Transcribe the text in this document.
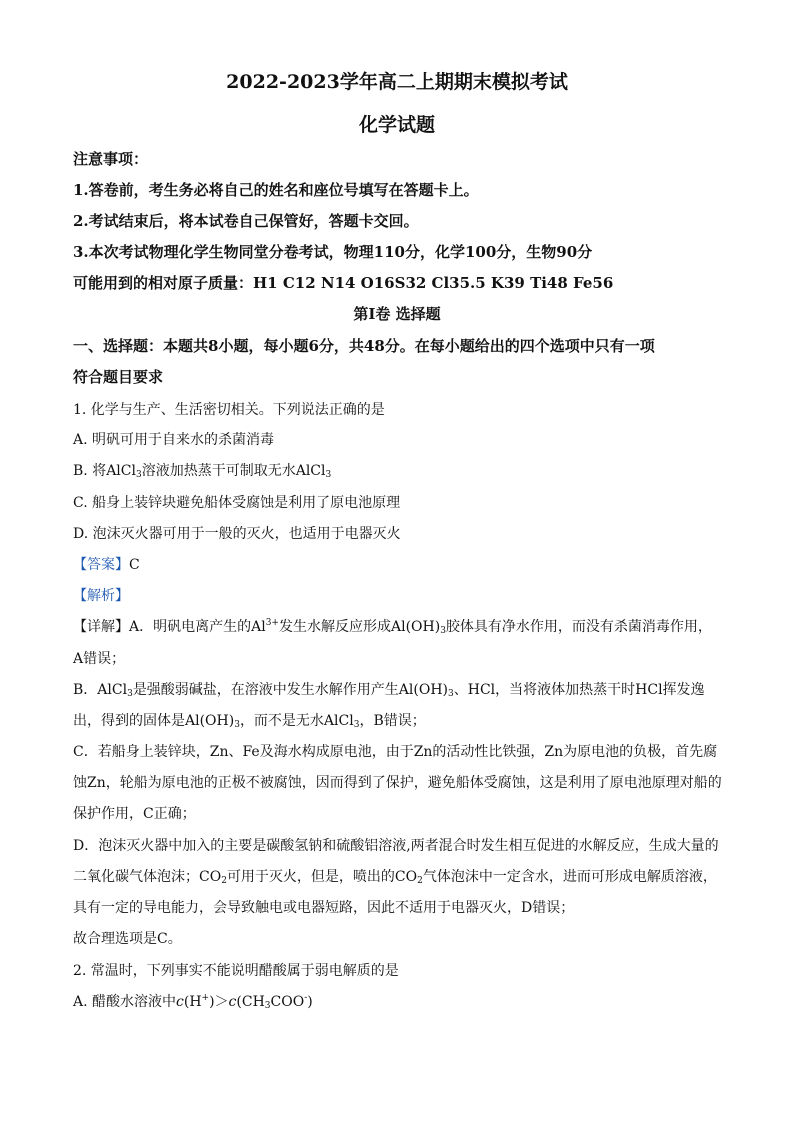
2022-2023学年高二上期期末模拟考试
化学试题
注意事项：
1.答卷前，考生务必将自己的姓名和座位号填写在答题卡上。
2.考试结束后，将本试卷自己保管好，答题卡交回。
3.本次考试物理化学生物同堂分卷考试，物理110分，化学100分，生物90分
可能用到的相对原子质量：H1 C12 N14 O16S32 Cl35.5 K39 Ti48 Fe56
第Ⅰ卷 选择题
一、选择题：本题共8小题，每小题6分，共48分。在每小题给出的四个选项中只有一项
符合题目要求
1. 化学与生产、生活密切相关。下列说法正确的是
A. 明矾可用于自来水的杀菌消毒
B. 将AlCl$_3$溶液加热蒸干可制取无水AlCl$_3$
C. 船身上装锌块避免船体受腐蚀是利用了原电池原理
D. 泡沫灭火器可用于一般的灭火，也适用于电器灭火
【答案】C
【解析】
【详解】A．明矾电离产生的$Al^{3+}$发生水解反应形成$Al(OH)_3$胶体具有净水作用，而没有杀菌消毒作用，
A错误；
B．AlCl$_3$是强酸弱碱盐，在溶液中发生水解作用产生$Al(OH)_3$、HCl，当将液体加热蒸干时HCl挥发逸
出，得到的固体是$Al(OH)_3$，而不是无水AlCl$_3$，B错误；
C．若船身上装锌块，Zn、Fe及海水构成原电池，由于Zn的活动性比铁强，Zn为原电池的负极，首先腐
蚀Zn，轮船为原电池的正极不被腐蚀，因而得到了保护，避免船体受腐蚀，这是利用了原电池原理对船的
保护作用，C正确；
D．泡沫灭火器中加入的主要是碳酸氢钠和硫酸铝溶液,两者混合时发生相互促进的水解反应，生成大量的
二氧化碳气体泡沫；$CO_2$可用于灭火，但是，喷出的$CO_2$气体泡沫中一定含水，进而可形成电解质溶液，
具有一定的导电能力，会导致触电或电器短路，因此不适用于电器灭火，D错误；
故合理选项是C。
2. 常温时，下列事实不能说明醋酸属于弱电解质的是
A. 醋酸水溶液中$c(H^+)>c(CH_3COO^-)$
